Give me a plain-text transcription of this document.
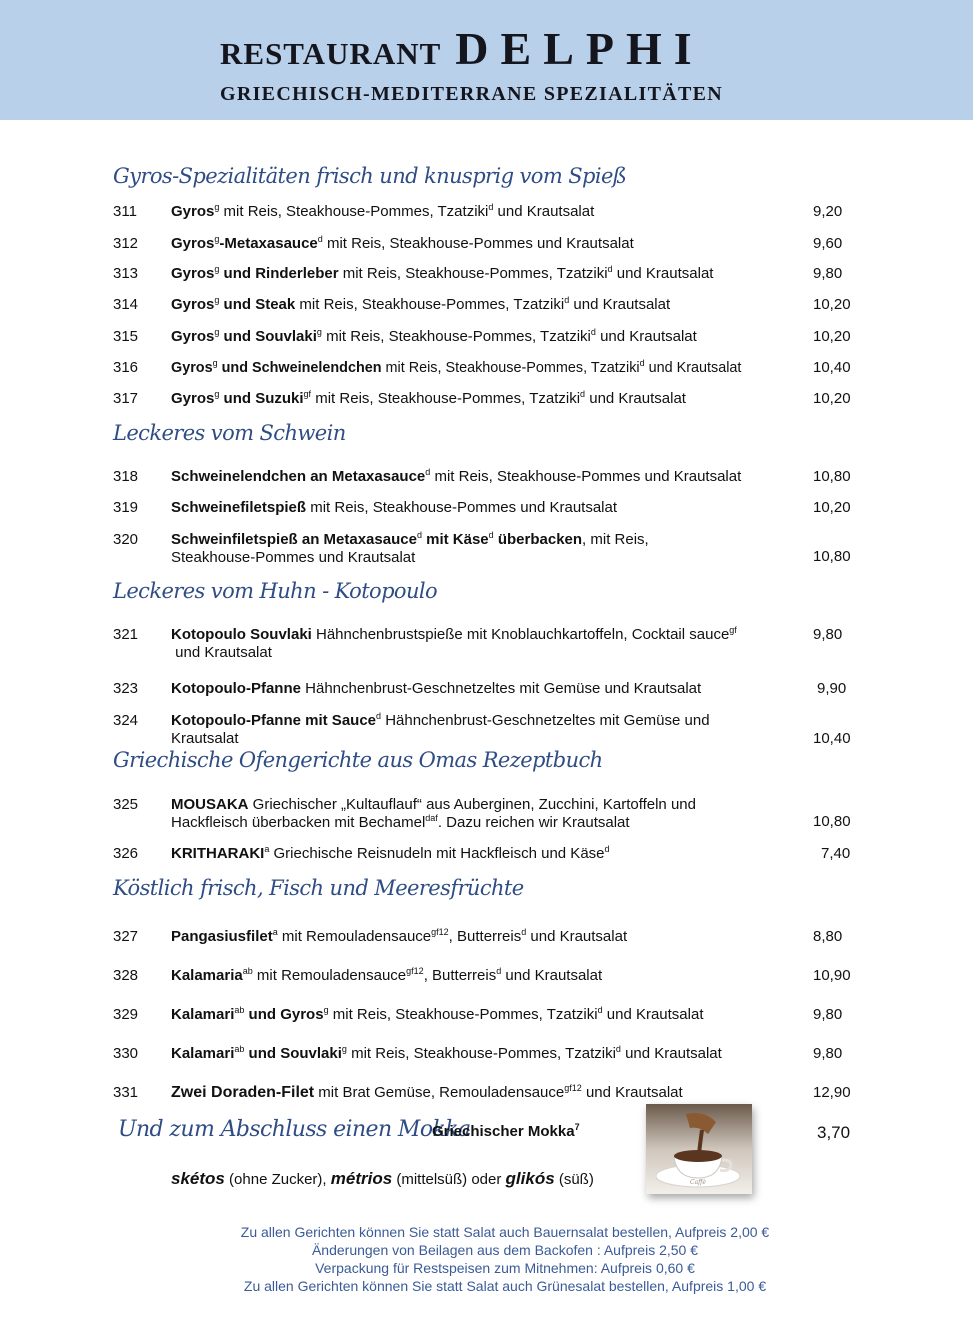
RESTAURANT DELPHI
GRIECHISCH-MEDITERRANE SPEZIALITÄTEN
Gyros-Spezialitäten frisch und knusprig vom Spieß
311 Gyros$^g$ mit Reis, Steakhouse-Pommes, Tzatziki$^d$ und Krautsalat	9,20
312 Gyros$^g$-Metaxasauce$^d$ mit Reis, Steakhouse-Pommes und Krautsalat	9,60
313 Gyros$^g$ und Rinderleber mit Reis, Steakhouse-Pommes, Tzatziki$^d$ und Krautsalat	9,80
314 Gyros$^g$ und Steak mit Reis, Steakhouse-Pommes, Tzatziki$^d$ und Krautsalat	10,20
315 Gyros$^g$ und Souvlaki$^g$ mit Reis, Steakhouse-Pommes, Tzatziki$^d$ und Krautsalat	10,20
316 Gyros$^g$ und Schweinelendchen mit Reis, Steakhouse-Pommes, Tzatziki$^d$ und Krautsalat	10,40
317 Gyros$^g$ und Suzuki$^{gf}$ mit Reis, Steakhouse-Pommes, Tzatziki$^d$ und Krautsalat	10,20
Leckeres vom Schwein
318 Schweinelendchen an Metaxasauce$^d$ mit Reis, Steakhouse-Pommes und Krautsalat	10,80
319 Schweinefiletspieß mit Reis, Steakhouse-Pommes und Krautsalat	10,20
320 Schweinfiletspieß an Metaxasauce$^d$ mit Käse$^d$ überbacken, mit Reis,
Steakhouse-Pommes und Krautsalat	10,80
Leckeres vom Huhn - Kotopoulo
321 Kotopoulo Souvlaki Hähnchenbrustspieße mit Knoblauchkartoffeln, Cocktail sauce$^{gf}$
und Krautsalat
9,80
323 Kotopoulo-Pfanne Hähnchenbrust-Geschnetzeltes mit Gemüse und Krautsalat	9,90
324 Kotopoulo-Pfanne mit Sauce$^d$ Hähnchenbrust-Geschnetzeltes mit Gemüse und
Krautsalat	10,40
Griechische Ofengerichte aus Omas Rezeptbuch
325 MOUSAKA Griechischer „Kultauflauf“ aus Auberginen, Zucchini, Kartoffeln und
Hackfleisch überbacken mit Bechamel$^{daf}$. Dazu reichen wir Krautsalat	10,80
326 KRITHARAKI$^a$ Griechische Reisnudeln mit Hackfleisch und Käse$^d$	7,40
Köstlich frisch, Fisch und Meeresfrüchte
327 Pangasiusfilet$^a$ mit Remouladensauce$^{gf12}$, Butterreis$^d$ und Krautsalat	8,80
328 Kalamaria$^{ab}$ mit Remouladensauce$^{gf12}$, Butterreis$^d$ und Krautsalat	10,90
329 Kalamari$^{ab}$ und Gyros$^g$ mit Reis, Steakhouse-Pommes, Tzatziki$^d$ und Krautsalat	9,80
330 Kalamari$^{ab}$ und Souvlaki$^g$ mit Reis, Steakhouse-Pommes, Tzatziki$^d$ und Krautsalat	9,80
331 Zwei Doraden-Filet mit Brat Gemüse, Remouladensauce$^{gf12}$ und Krautsalat	12,90
Und zum Abschluss einen Mokka
Griechischer Mokka$^7$	3,70
Caffè
skétos (ohne Zucker), métrios (mittelsüß) oder glikós (süß)
Zu allen Gerichten können Sie statt Salat auch Bauernsalat bestellen, Aufpreis 2,00 €
Änderungen von Beilagen aus dem Backofen : Aufpreis 2,50 €
Verpackung für Restspeisen zum Mitnehmen: Aufpreis 0,60 €
Zu allen Gerichten können Sie statt Salat auch Grünesalat bestellen, Aufpreis 1,00 €
